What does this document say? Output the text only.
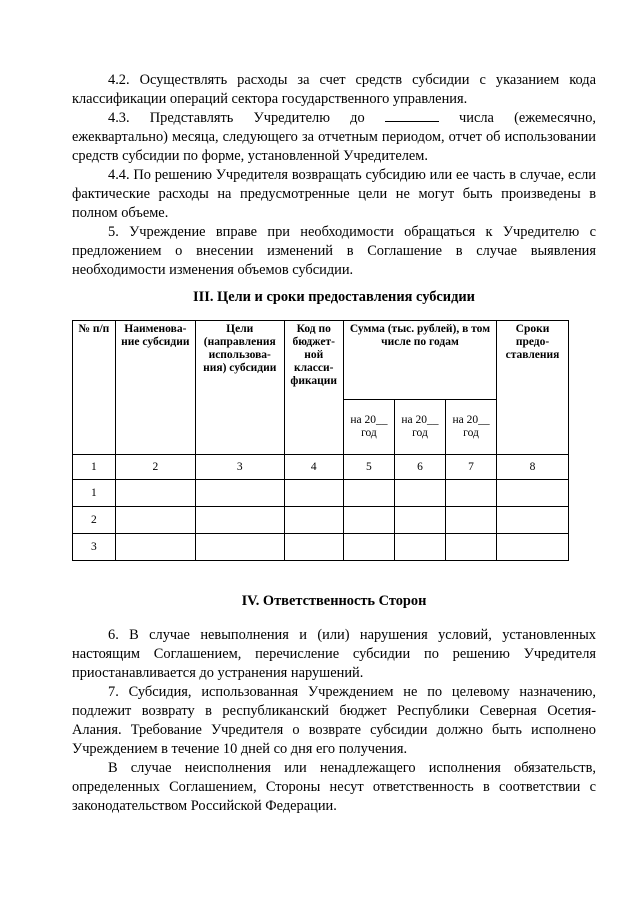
4.2. Осуществлять расходы за счет средств субсидии с указанием кода классификации операций сектора государственного управления.

4.3. Представлять Учредителю до	числа (ежемесячно, ежеквартально) месяца, следующего за отчетным периодом, отчет об использовании средств субсидии по форме, установленной Учредителем.

4.4. По решению Учредителя возвращать субсидию или ее часть в случае, если фактические расходы на предусмотренные цели не могут быть произведены в полном объеме.

5. Учреждение вправе при необходимости обращаться к Учредителю с предложением о внесении изменений в Соглашение в случае выявления необходимости изменения объемов субсидии.

III. Цели и сроки предоставления субсидии
№ п/п	Наименова-ние субсидии	Цели (направления использова-ния) субсидии	Код по бюджет-ной класси-фикации	Сумма (тыс. рублей), в том числе по годам			Сроки предо-ставления
				на 20__ год	на 20__ год	на 20__ год	
1	2	3	4	5	6	7	8
1							
2							
3							
IV. Ответственность Сторон

6. В случае невыполнения и (или) нарушения условий, установленных настоящим Соглашением, перечисление субсидии по решению Учредителя приостанавливается до устранения нарушений.

7. Субсидия, использованная Учреждением не по целевому назначению, подлежит возврату в республиканский бюджет Республики Северная Осетия-Алания. Требование Учредителя о возврате субсидии должно быть исполнено Учреждением в течение 10 дней со дня его получения.

В случае неисполнения или ненадлежащего исполнения обязательств, определенных Соглашением, Стороны несут ответственность в соответствии с законодательством Российской Федерации.
